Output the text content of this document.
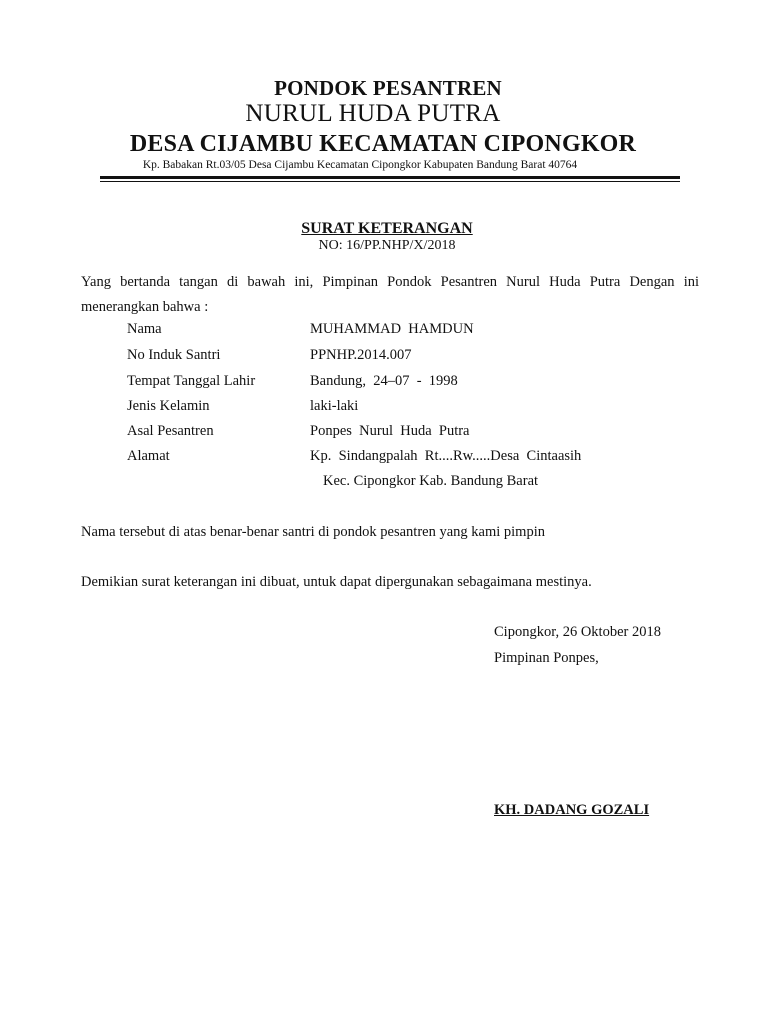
PONDOK PESANTREN
NURUL HUDA PUTRA
DESA CIJAMBU KECAMATAN CIPONGKOR
Kp. Babakan Rt.03/05 Desa Cijambu Kecamatan Cipongkor Kabupaten Bandung Barat 40764
SURAT KETERANGAN
NO: 16/PP.NHP/X/2018
Yang bertanda tangan di bawah ini, Pimpinan Pondok Pesantren Nurul Huda Putra Dengan ini menerangkan bahwa :
Nama	MUHAMMAD  HAMDUN
No Induk Santri	PPNHP.2014.007
Tempat Tanggal Lahir	Bandung,  24–07  -  1998
Jenis Kelamin	laki-laki
Asal Pesantren	Ponpes  Nurul  Huda  Putra
Alamat	Kp.  Sindangpalah  Rt....Rw.....Desa  Cintaasih
Kec. Cipongkor Kab. Bandung Barat
Nama tersebut di atas benar-benar santri di pondok pesantren yang kami pimpin
Demikian surat keterangan ini dibuat, untuk dapat dipergunakan sebagaimana mestinya.
Cipongkor, 26 Oktober 2018
Pimpinan Ponpes,
KH. DADANG GOZALI
